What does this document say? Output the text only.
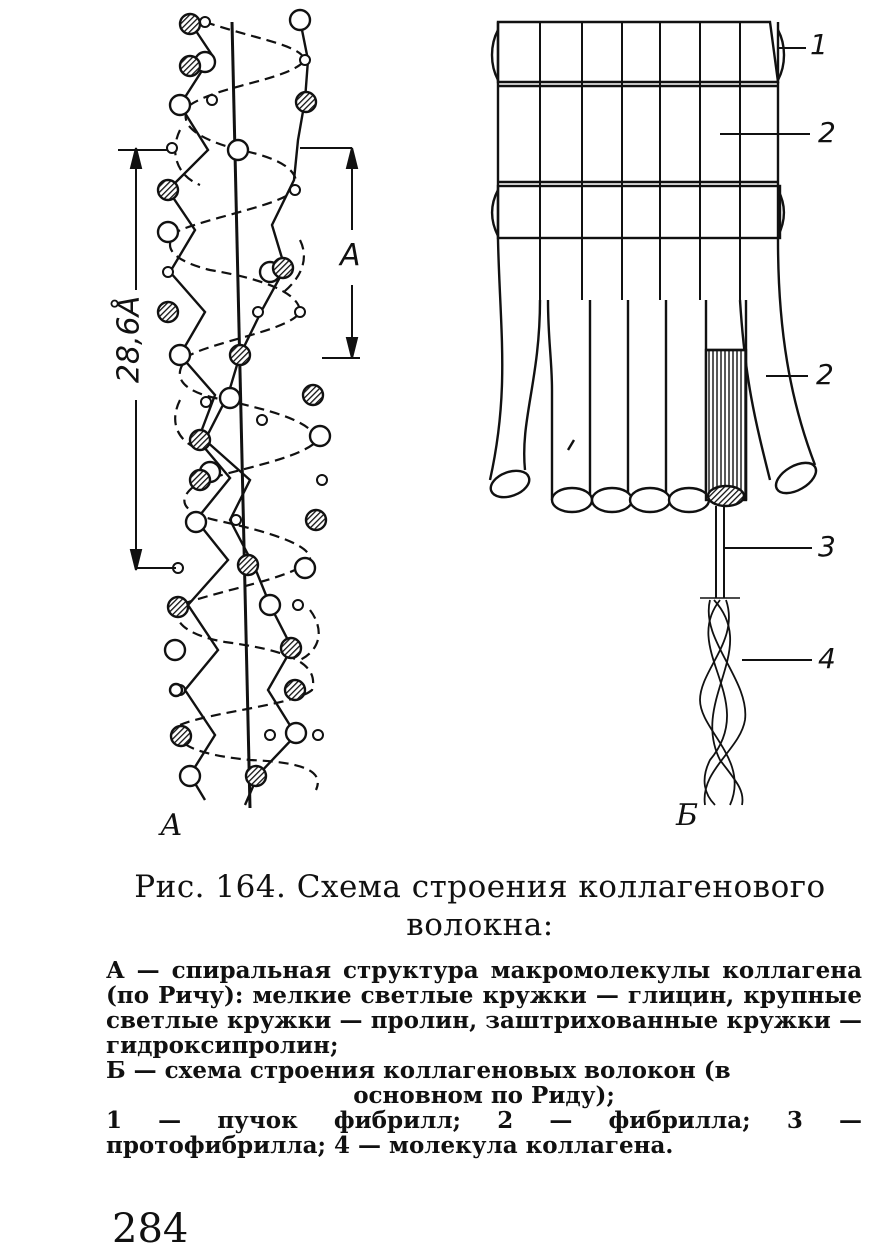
А	Б
28,6Å
А
1
2
2
3
4
Рис. 164. Схема строения коллагенового
волокна:

А — спиральная структура макромолекулы коллагена (по Ричу): мелкие светлые кружки — глицин, крупные светлые кружки — пролин, заштрихованные кружки — гидроксипролин;

Б — схема строения коллагеновых волокон (в

основном по Риду);

1 — пучок фибрилл; 2 — фибрилла; 3 — протофибрилла; 4 — молекула коллагена.

284
